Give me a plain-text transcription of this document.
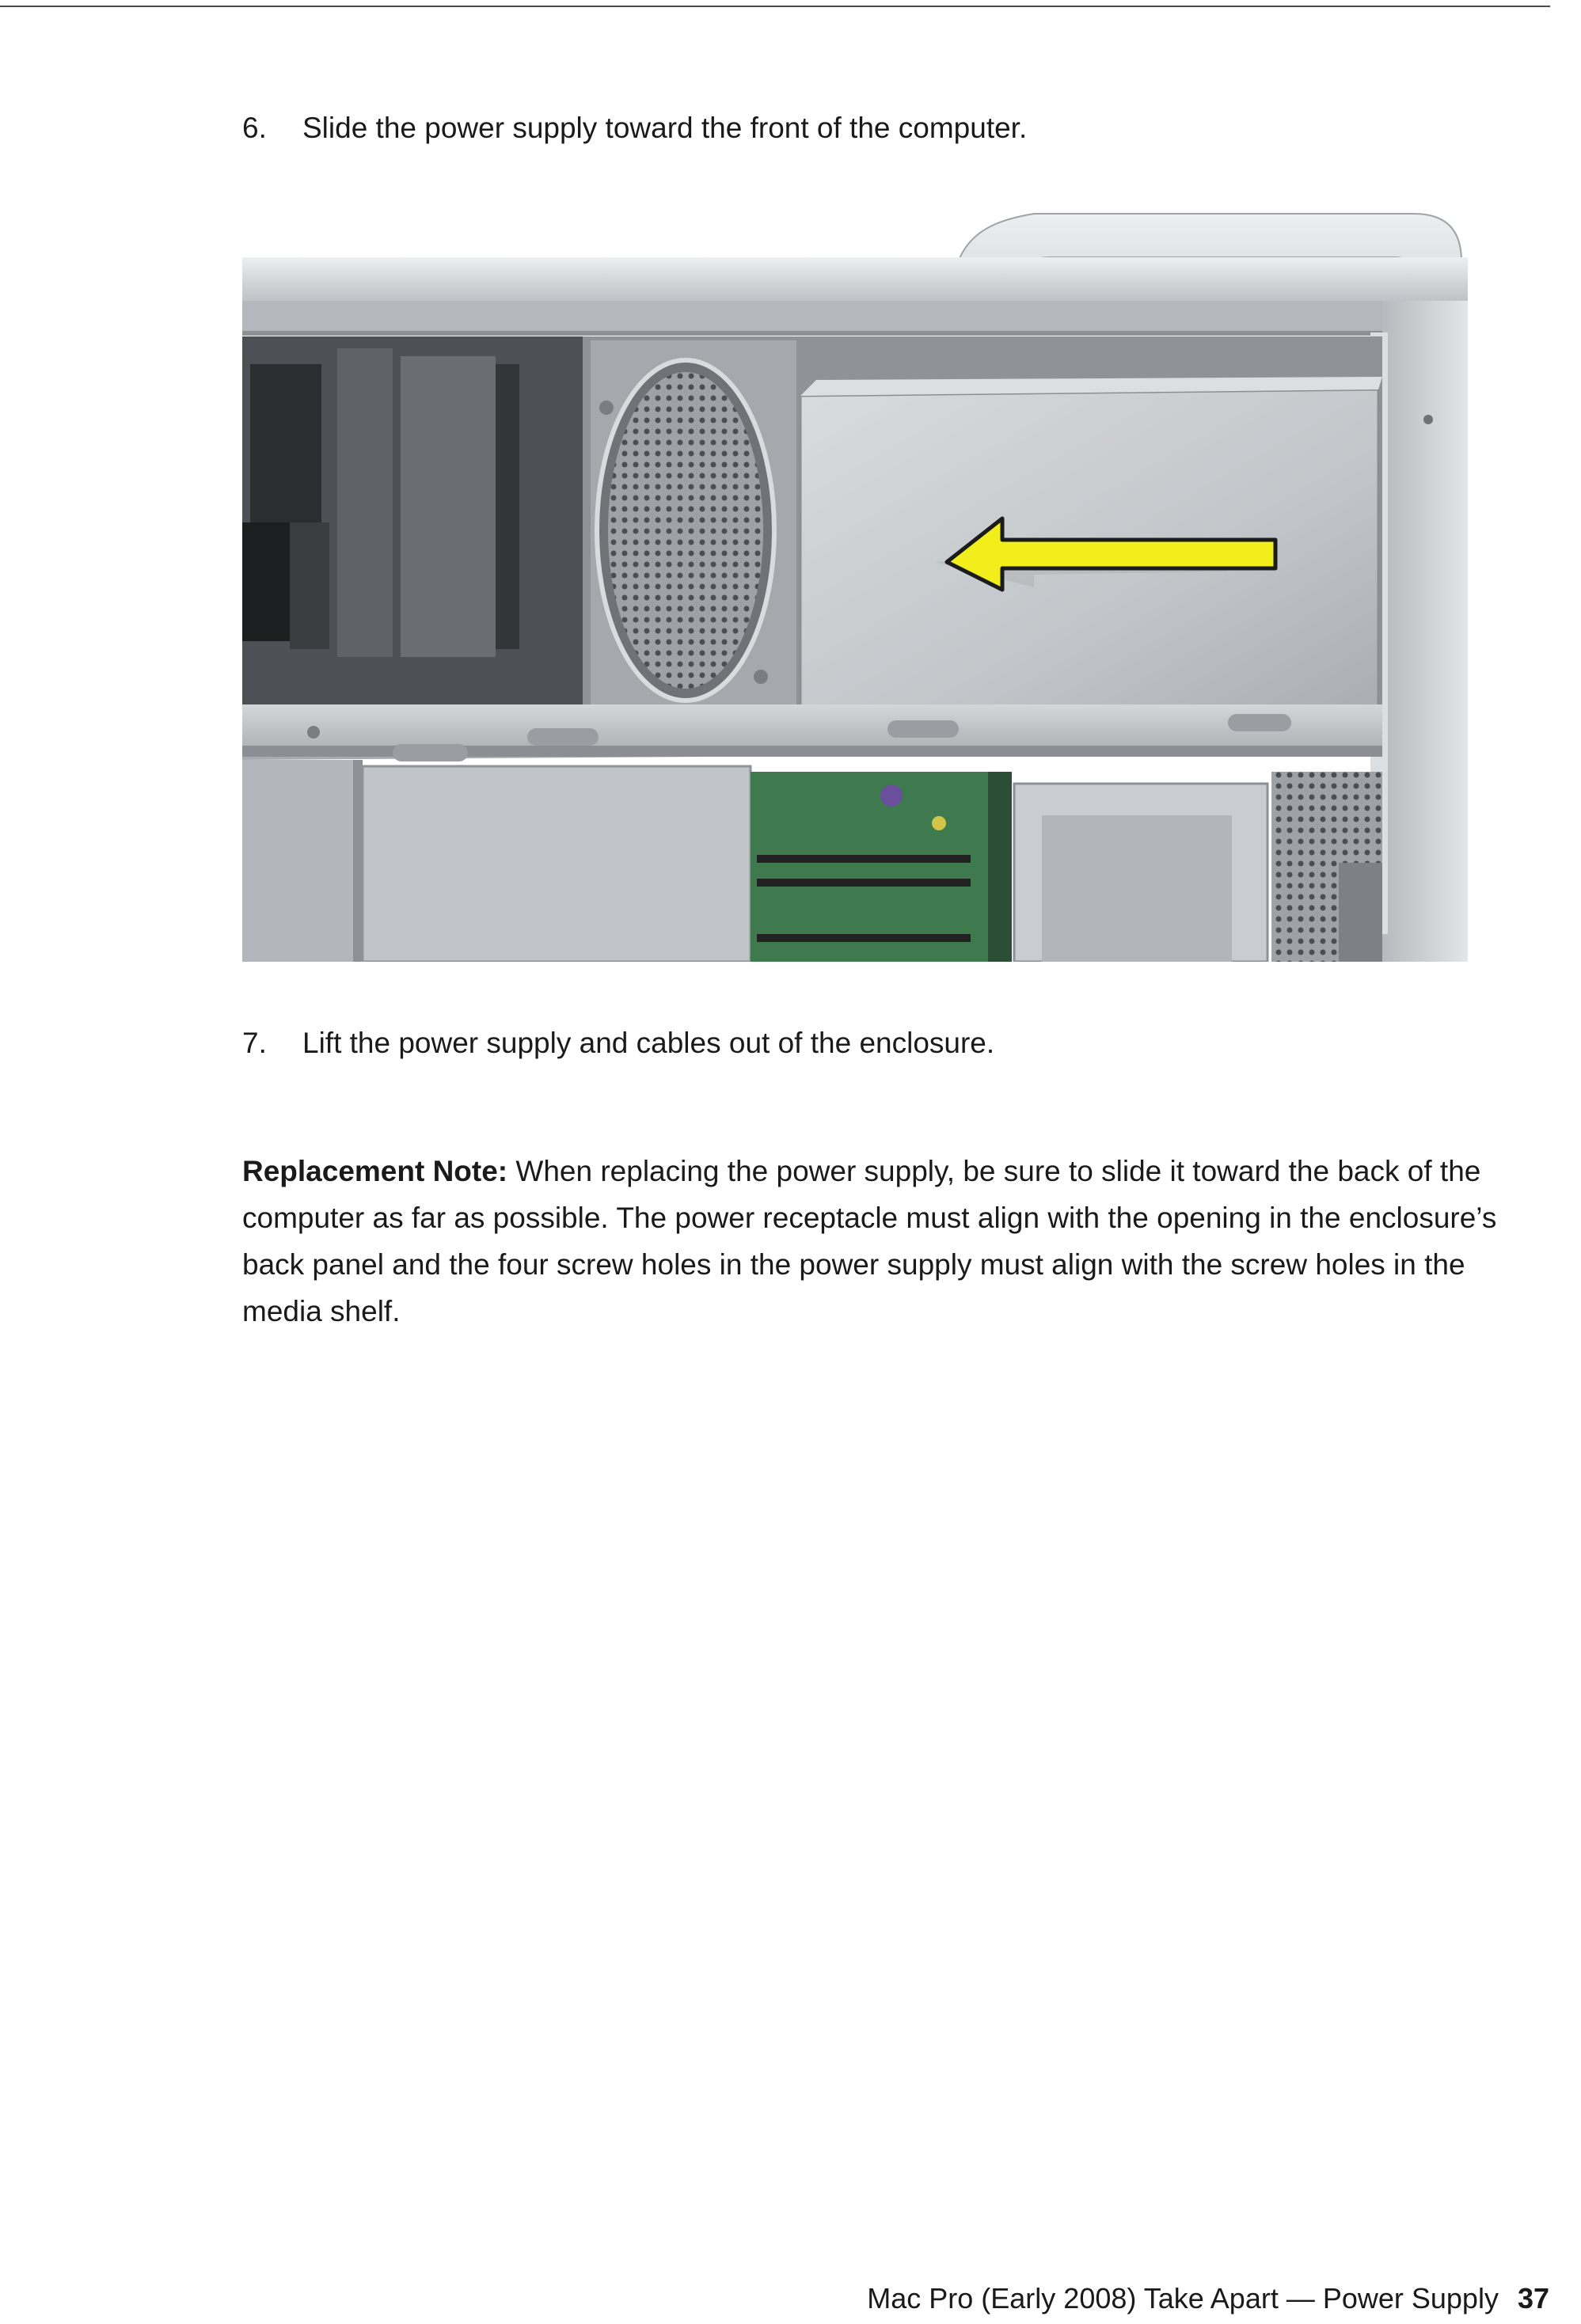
6. Slide the power supply toward the front of the computer.
7. Lift the power supply and cables out of the enclosure.
Replacement Note: When replacing the power supply, be sure to slide it toward the back of the
computer as far as possible. The power receptacle must align with the opening in the enclosure’s
back panel and the four screw holes in the power supply must align with the screw holes in the
media shelf.
Mac Pro (Early 2008) Take Apart — Power Supply 37
